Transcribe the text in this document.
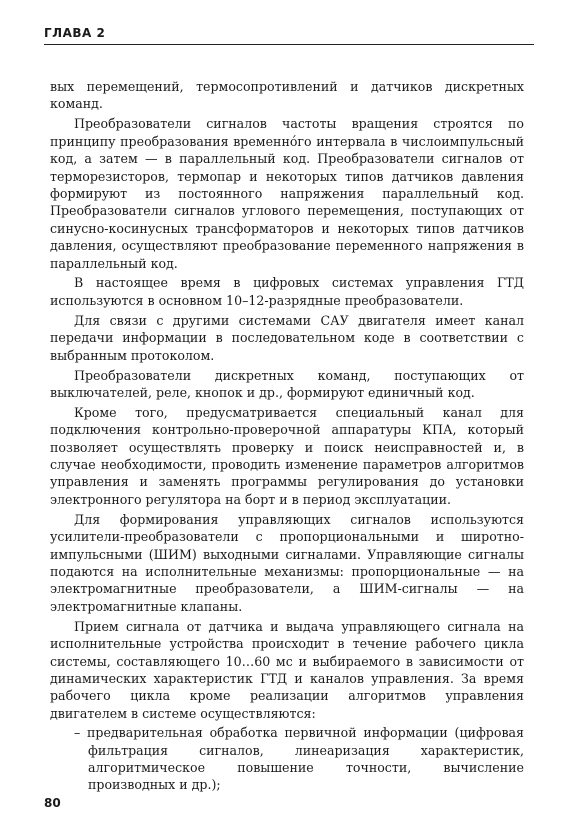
ГЛАВА 2

вых перемещений, термосопротивлений и датчиков дискретных команд.

Преобразователи сигналов частоты вращения строятся по принципу преобразования временнóго интервала в числоимпульсный код, а затем — в параллельный код. Преобразователи сигналов от терморезисторов, термопар и некоторых типов датчиков давления формируют из постоянного напряжения параллельный код. Преобразователи сигналов углового перемещения, поступающих от синусно-косинусных трансформаторов и некоторых типов датчиков давления, осуществляют преобразование переменного напряжения в параллельный код.

В настоящее время в цифровых системах управления ГТД используются в основном 10–12-разрядные преобразователи.

Для связи с другими системами САУ двигателя имеет канал передачи информации в последовательном коде в соответствии с выбранным протоколом.

Преобразователи дискретных команд, поступающих от выключателей, реле, кнопок и др., формируют единичный код.

Кроме того, предусматривается специальный канал для подключения контрольно-проверочной аппаратуры КПА, который позволяет осуществлять проверку и поиск неисправностей и, в случае необходимости, проводить изменение параметров алгоритмов управления и заменять программы регулирования до установки электронного регулятора на борт и в период эксплуатации.

Для формирования управляющих сигналов используются усилители-преобразователи с пропорциональными и широтно-импульсными (ШИМ) выходными сигналами. Управляющие сигналы подаются на исполнительные механизмы: пропорциональные — на электромагнитные преобразователи, а ШИМ-сигналы — на электромагнитные клапаны.

Прием сигнала от датчика и выдача управляющего сигнала на исполнительные устройства происходит в течение рабочего цикла системы, составляющего 10…60 мс и выбираемого в зависимости от динамических характеристик ГТД и каналов управления. За время рабочего цикла кроме реализации алгоритмов управления двигателем в системе осуществляются:

– предварительная обработка первичной информации (цифровая фильтрация сигналов, линеаризация характеристик, алгоритмическое повышение точности, вычисление производных и др.);

80
